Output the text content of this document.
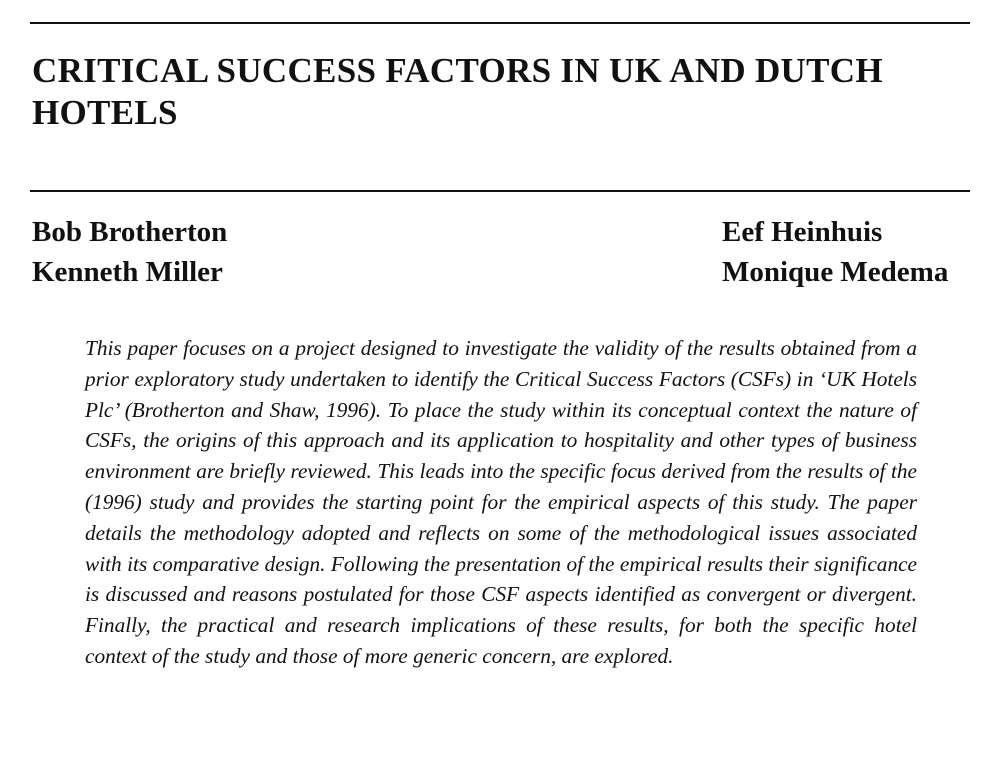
CRITICAL SUCCESS FACTORS IN UK AND DUTCH HOTELS
Bob Brotherton
Kenneth Miller
Eef Heinhuis
Monique Medema

This paper focuses on a project designed to investigate the validity of the results obtained from a prior exploratory study undertaken to identify the Critical Success Factors (CSFs) in ‘UK Hotels Plc’ (Brotherton and Shaw, 1996). To place the study within its conceptual context the nature of CSFs, the origins of this approach and its application to hospitality and other types of business environment are briefly reviewed. This leads into the specific focus derived from the results of the (1996) study and provides the starting point for the empirical aspects of this study. The paper details the methodology adopted and reflects on some of the methodological issues associated with its comparative design. Following the presentation of the empirical results their significance is discussed and reasons postulated for those CSF aspects identified as convergent or divergent. Finally, the practical and research implications of these results, for both the specific hotel context of the study and those of more generic concern, are explored.
